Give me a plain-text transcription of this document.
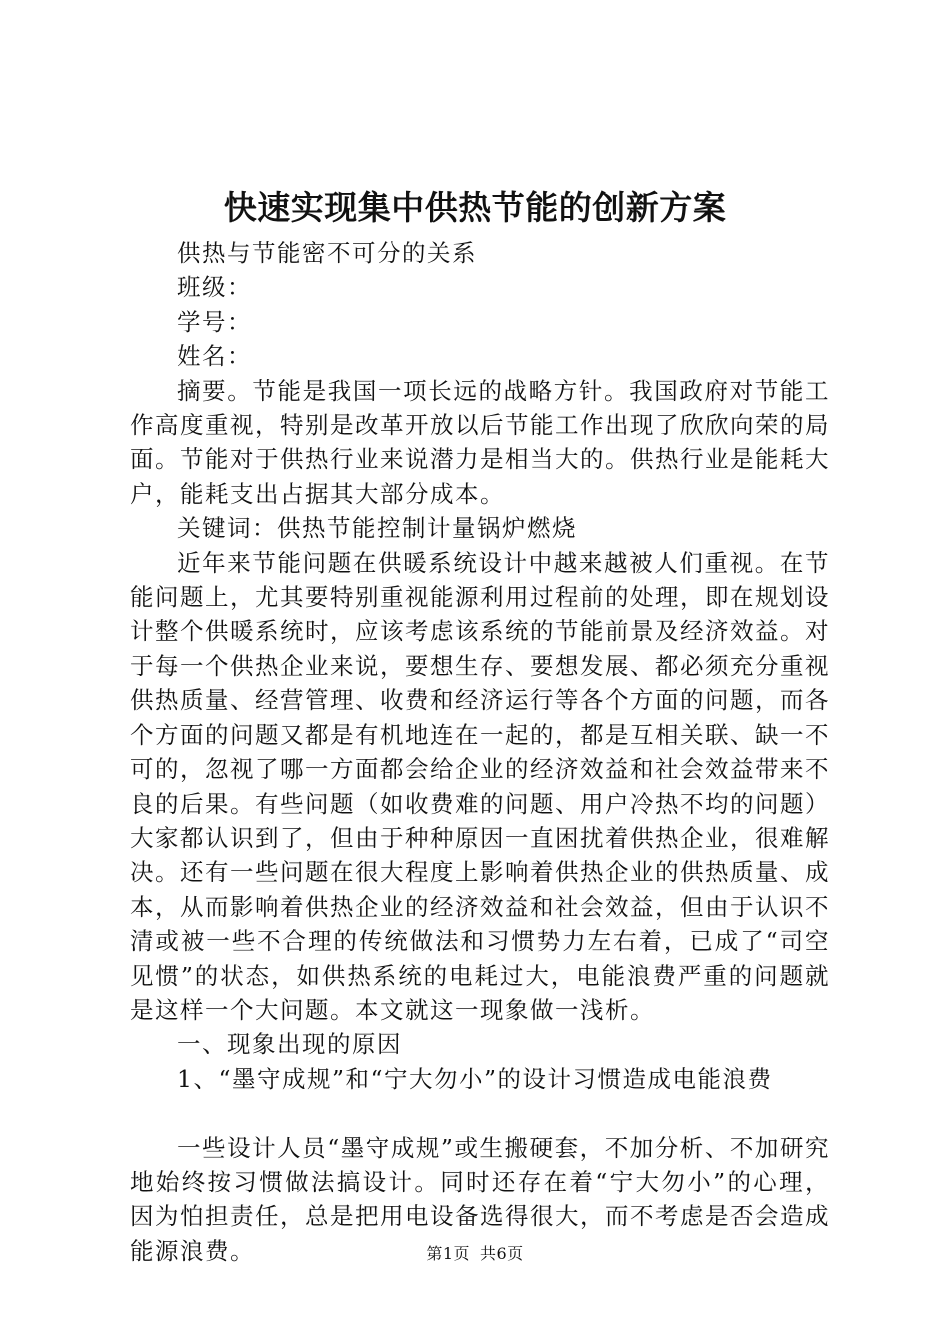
快速实现集中供热节能的创新方案

供热与节能密不可分的关系

班级：

学号：

姓名：

摘要。节能是我国一项长远的战略方针。我国政府对节能工作高度重视，特别是改革开放以后节能工作出现了欣欣向荣的局面。节能对于供热行业来说潜力是相当大的。供热行业是能耗大户，能耗支出占据其大部分成本。

关键词：供热节能控制计量锅炉燃烧

近年来节能问题在供暖系统设计中越来越被人们重视。在节能问题上，尤其要特别重视能源利用过程前的处理，即在规划设计整个供暖系统时，应该考虑该系统的节能前景及经济效益。对于每一个供热企业来说，要想生存、要想发展、都必须充分重视供热质量、经营管理、收费和经济运行等各个方面的问题，而各个方面的问题又都是有机地连在一起的，都是互相关联、缺一不可的，忽视了哪一方面都会给企业的经济效益和社会效益带来不良的后果。有些问题（如收费难的问题、用户冷热不均的问题）大家都认识到了，但由于种种原因一直困扰着供热企业，很难解决。还有一些问题在很大程度上影响着供热企业的供热质量、成本，从而影响着供热企业的经济效益和社会效益，但由于认识不清或被一些不合理的传统做法和习惯势力左右着，已成了“司空见惯”的状态，如供热系统的电耗过大，电能浪费严重的问题就是这样一个大问题。本文就这一现象做一浅析。

一、现象出现的原因

1、“墨守成规”和“宁大勿小”的设计习惯造成电能浪费

一些设计人员“墨守成规”或生搬硬套，不加分析、不加研究地始终按习惯做法搞设计。同时还存在着“宁大勿小”的心理，因为怕担责任，总是把用电设备选得很大，而不考虑是否会造成能源浪费。	第1页 共6页
